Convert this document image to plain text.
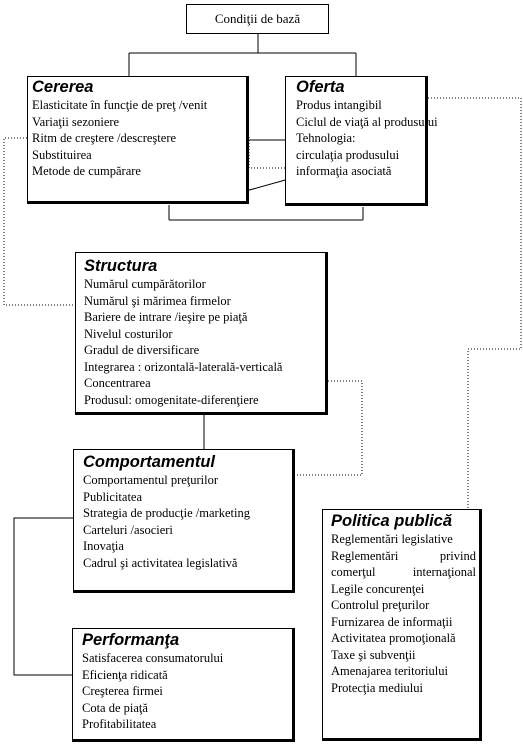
Condiţii de bază
Cererea
Elasticitate în funcţie de preţ /venit
Variaţii sezoniere
Ritm de creştere /descreştere
Substituirea
Metode de cumpărare
Oferta
Produs intangibil
Ciclul de viaţă al produsului
Tehnologia:
circulaţia produsului
informaţia asociată
Structura
Numărul cumpărătorilor
Numărul şi mărimea firmelor
Bariere de intrare /ieşire pe piaţă
Nivelul costurilor
Gradul de diversificare
Integrarea : orizontală-laterală-verticală
Concentrarea
Produsul: omogenitate-diferenţiere
Comportamentul
Comportamentul preţurilor
Publicitatea
Strategia de producţie /marketing
Carteluri /asocieri
Inovaţia
Cadrul şi activitatea legislativă
Performanţa
Satisfacerea consumatorului
Eficienţa ridicată
Creşterea firmei
Cota de piaţă
Profitabilitatea
Politica publică
Reglementări legislative
Reglementări privind comerţul internaţional
Legile concurenţei
Controlul preţurilor
Furnizarea de informaţii
Activitatea promoţională
Taxe şi subvenţii
Amenajarea teritoriului
Protecţia mediului
